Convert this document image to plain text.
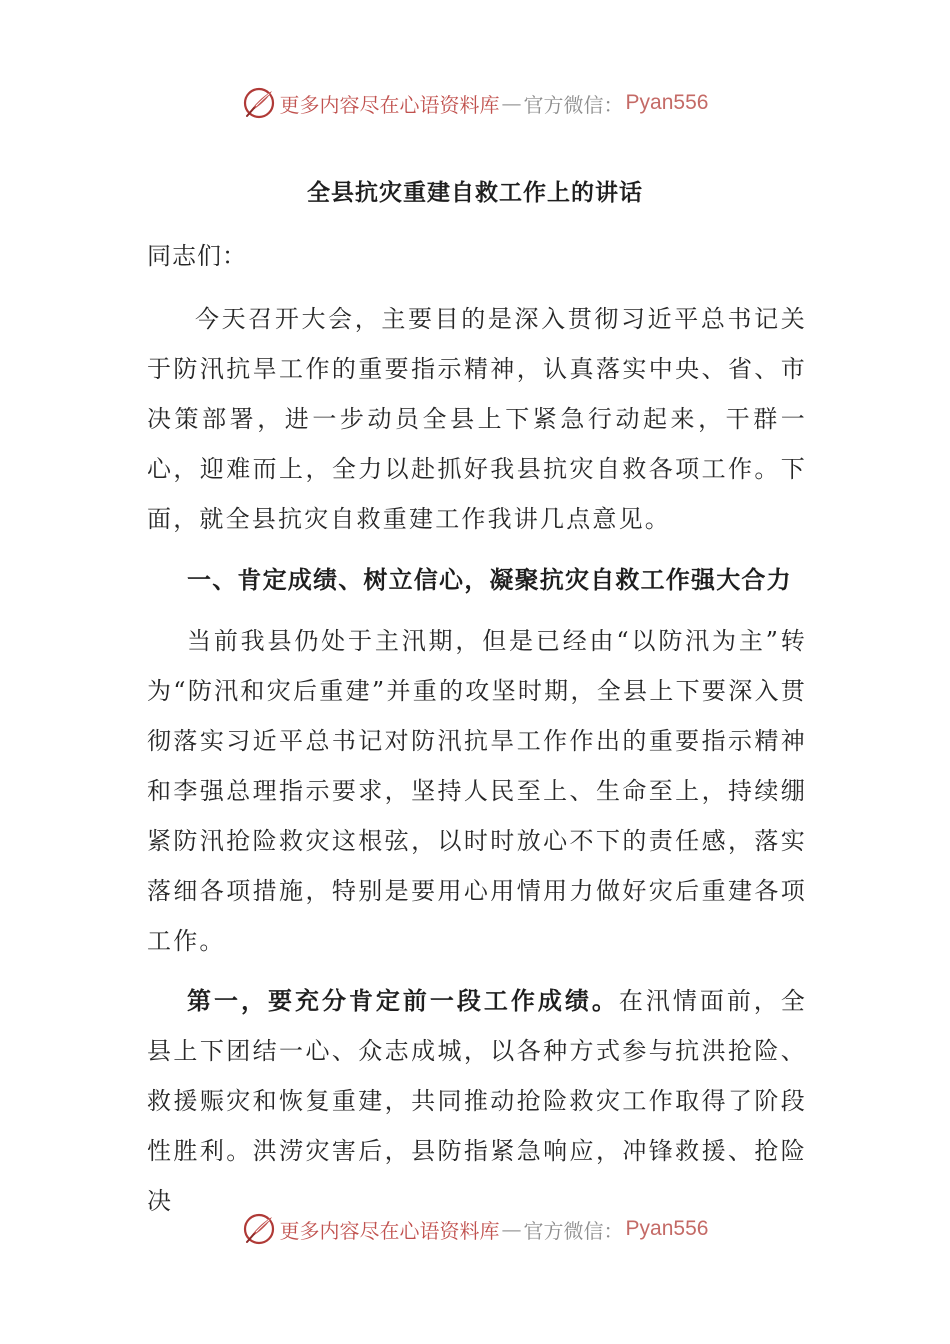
更多内容尽在心语资料库 — 官方微信： Pyan556
全县抗灾重建自救工作上的讲话

同志们：

今天召开大会，主要目的是深入贯彻习近平总书记关于防汛抗旱工作的重要指示精神，认真落实中央、省、市决策部署，进一步动员全县上下紧急行动起来，干群一心，迎难而上，全力以赴抓好我县抗灾自救各项工作。下面，就全县抗灾自救重建工作我讲几点意见。

一、肯定成绩、树立信心，凝聚抗灾自救工作强大合力

当前我县仍处于主汛期，但是已经由“以防汛为主”转为“防汛和灾后重建”并重的攻坚时期，全县上下要深入贯彻落实习近平总书记对防汛抗旱工作作出的重要指示精神和李强总理指示要求，坚持人民至上、生命至上，持续绷紧防汛抢险救灾这根弦，以时时放心不下的责任感，落实落细各项措施，特别是要用心用情用力做好灾后重建各项工作。

第一，要充分肯定前一段工作成绩。在汛情面前，全县上下团结一心、众志成城，以各种方式参与抗洪抢险、救援赈灾和恢复重建，共同推动抢险救灾工作取得了阶段性胜利。洪涝灾害后，县防指紧急响应，冲锋救援、抢险决

更多内容尽在心语资料库 — 官方微信： Pyan556
